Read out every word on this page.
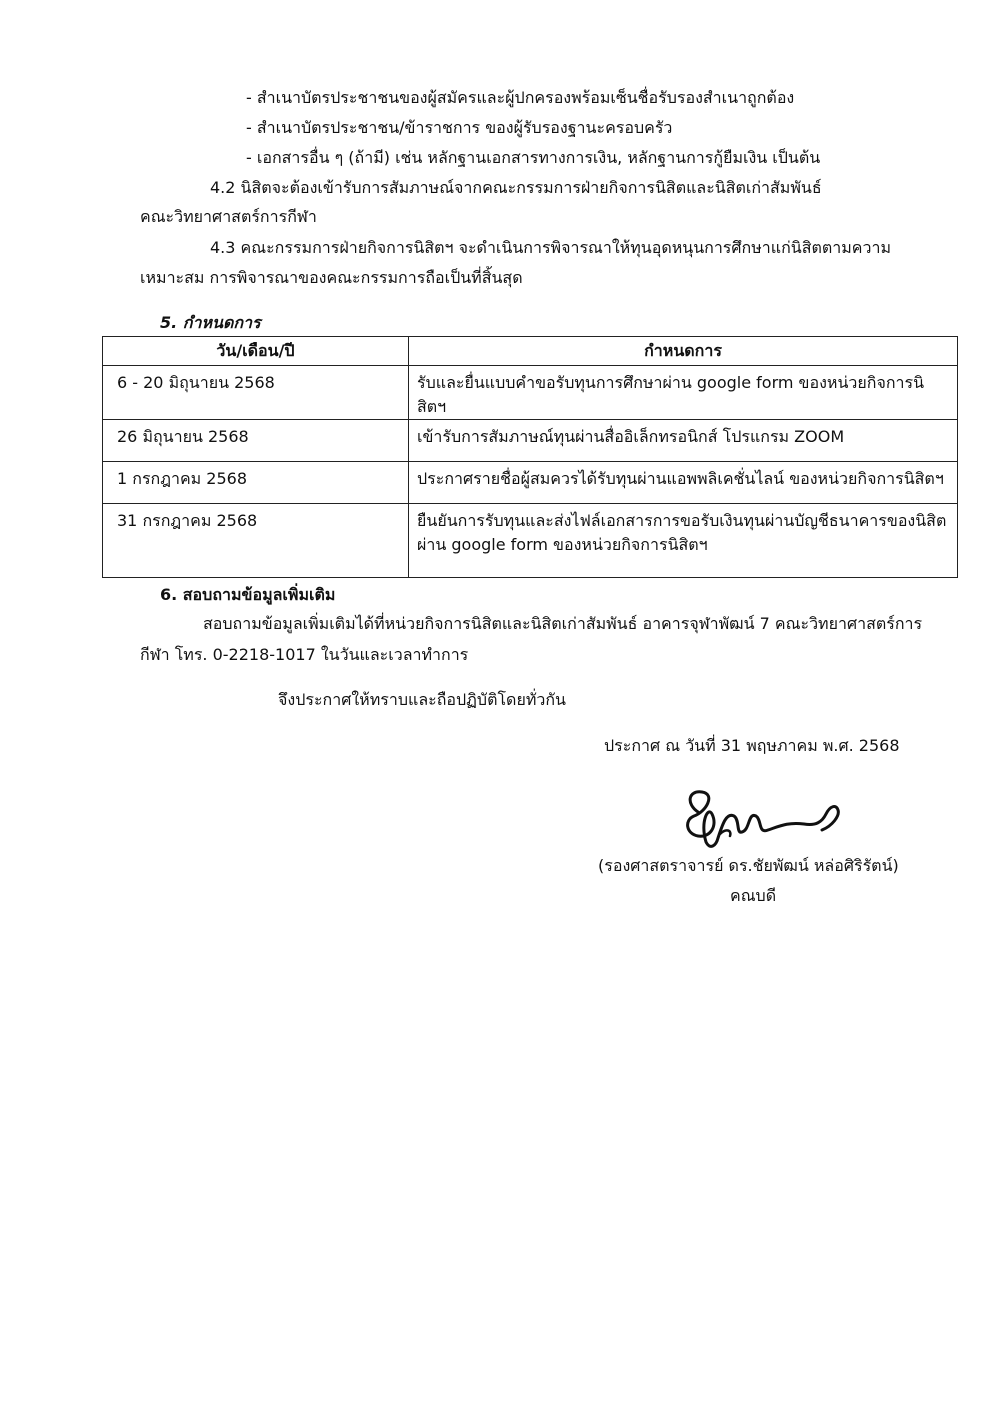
- สำเนาบัตรประชาชนของผู้สมัครและผู้ปกครองพร้อมเซ็นชื่อรับรองสำเนาถูกต้อง
- สำเนาบัตรประชาชน/ข้าราชการ ของผู้รับรองฐานะครอบครัว
- เอกสารอื่น ๆ (ถ้ามี) เช่น หลักฐานเอกสารทางการเงิน, หลักฐานการกู้ยืมเงิน เป็นต้น
4.2 นิสิตจะต้องเข้ารับการสัมภาษณ์จากคณะกรรมการฝ่ายกิจการนิสิตและนิสิตเก่าสัมพันธ์
คณะวิทยาศาสตร์การกีฬา
4.3 คณะกรรมการฝ่ายกิจการนิสิตฯ จะดำเนินการพิจารณาให้ทุนอุดหนุนการศึกษาแก่นิสิตตามความ
เหมาะสม การพิจารณาของคณะกรรมการถือเป็นที่สิ้นสุด
5. กำหนดการ
วัน/เดือน/ปี	กำหนดการ
6 - 20 มิถุนายน 2568	รับและยื่นแบบคำขอรับทุนการศึกษาผ่าน google form ของหน่วยกิจการนิสิตฯ

26 มิถุนายน 2568	เข้ารับการสัมภาษณ์ทุนผ่านสื่ออิเล็กทรอนิกส์ โปรแกรม ZOOM

1 กรกฎาคม 2568	ประกาศรายชื่อผู้สมควรได้รับทุนผ่านแอพพลิเคชั่นไลน์ ของหน่วยกิจการนิสิตฯ

31 กรกฎาคม 2568	ยืนยันการรับทุนและส่งไฟล์เอกสารการขอรับเงินทุนผ่านบัญชีธนาคารของนิสิต
ผ่าน google form ของหน่วยกิจการนิสิตฯ
6. สอบถามข้อมูลเพิ่มเติม
สอบถามข้อมูลเพิ่มเติมได้ที่หน่วยกิจการนิสิตและนิสิตเก่าสัมพันธ์ อาคารจุฬาพัฒน์ 7 คณะวิทยาศาสตร์การ
กีฬา โทร. 0-2218-1017 ในวันและเวลาทำการ
จึงประกาศให้ทราบและถือปฏิบัติโดยทั่วกัน
ประกาศ ณ วันที่ 31 พฤษภาคม พ.ศ. 2568
(รองศาสตราจารย์ ดร.ชัยพัฒน์ หล่อศิริรัตน์)
คณบดี
